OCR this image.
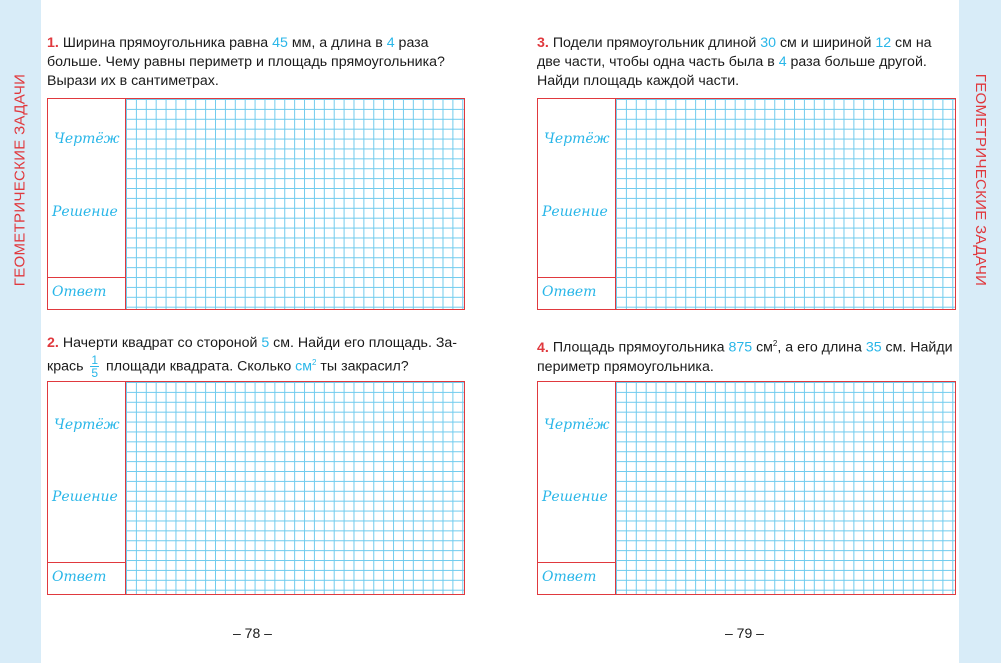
ГЕОМЕТРИЧЕСКИЕ ЗАДАЧИ	ГЕОМЕТРИЧЕСКИЕ ЗАДАЧИ
1. Ширина прямоугольника равна 45 мм, а длина в 4 раза больше. Чему равны периметр и площадь прямоугольника? Вырази их в сантиметрах.
Чертёж
Решение
Ответ
2. Начерти квадрат со стороной 5 см. Найди его площадь. За-крась $\frac{1}{5}$ площади квадрата. Сколько $см^2$ ты закрасил?
Чертёж
Решение
Ответ
– 78 –
3. Подели прямоугольник длиной 30 см и шириной 12 см на две части, чтобы одна часть была в 4 раза больше другой. Найди площадь каждой части.
Чертёж
Решение
Ответ
4. Площадь прямоугольника 875 $см^2$, а его длина 35 см. Найди периметр прямоугольника.
Чертёж
Решение
Ответ
– 79 –
